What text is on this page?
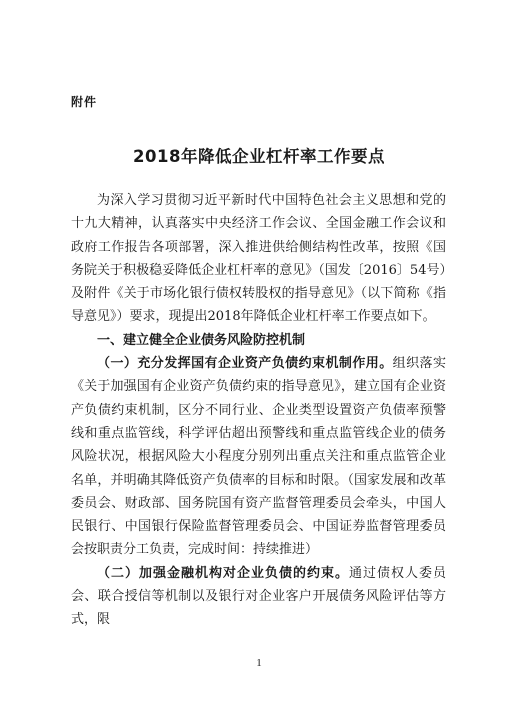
附件
2018年降低企业杠杆率工作要点

为深入学习贯彻习近平新时代中国特色社会主义思想和党的十九大精神，认真落实中央经济工作会议、全国金融工作会议和政府工作报告各项部署，深入推进供给侧结构性改革，按照《国务院关于积极稳妥降低企业杠杆率的意见》（国发〔2016〕54号）及附件《关于市场化银行债权转股权的指导意见》（以下简称《指导意见》）要求，现提出2018年降低企业杠杆率工作要点如下。

一、建立健全企业债务风险防控机制

（一）充分发挥国有企业资产负债约束机制作用。组织落实《关于加强国有企业资产负债约束的指导意见》，建立国有企业资产负债约束机制，区分不同行业、企业类型设置资产负债率预警线和重点监管线，科学评估超出预警线和重点监管线企业的债务风险状况，根据风险大小程度分别列出重点关注和重点监管企业名单，并明确其降低资产负债率的目标和时限。（国家发展和改革委员会、财政部、国务院国有资产监督管理委员会牵头，中国人民银行、中国银行保险监督管理委员会、中国证券监督管理委员会按职责分工负责，完成时间：持续推进）

（二）加强金融机构对企业负债的约束。通过债权人委员会、联合授信等机制以及银行对企业客户开展债务风险评估等方式，限

1
